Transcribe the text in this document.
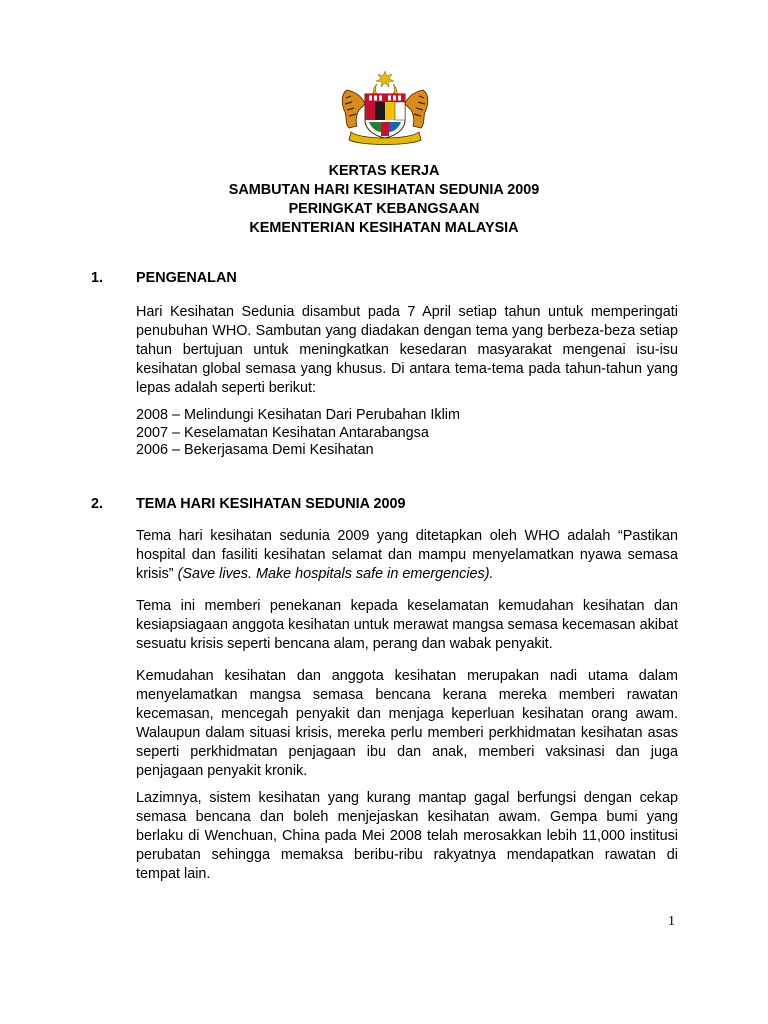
KERTAS KERJA
SAMBUTAN HARI KESIHATAN SEDUNIA 2009
PERINGKAT KEBANGSAAN
KEMENTERIAN KESIHATAN MALAYSIA
1. PENGENALAN
Hari Kesihatan Sedunia disambut pada 7 April setiap tahun untuk memperingati penubuhan WHO. Sambutan yang diadakan dengan tema yang berbeza-beza setiap tahun bertujuan untuk meningkatkan kesedaran masyarakat mengenai isu-isu kesihatan global semasa yang khusus. Di antara tema-tema pada tahun-tahun yang lepas adalah seperti berikut:
2008 – Melindungi Kesihatan Dari Perubahan Iklim
2007 – Keselamatan Kesihatan Antarabangsa
2006 – Bekerjasama Demi Kesihatan
2. TEMA HARI KESIHATAN SEDUNIA 2009
Tema hari kesihatan sedunia 2009 yang ditetapkan oleh WHO adalah “Pastikan hospital dan fasiliti kesihatan selamat dan mampu menyelamatkan nyawa semasa krisis” (Save lives. Make hospitals safe in emergencies).
Tema ini memberi penekanan kepada keselamatan kemudahan kesihatan dan kesiapsiagaan anggota kesihatan untuk merawat mangsa semasa kecemasan akibat sesuatu krisis seperti bencana alam, perang dan wabak penyakit.
Kemudahan kesihatan dan anggota kesihatan merupakan nadi utama dalam menyelamatkan mangsa semasa bencana kerana mereka memberi rawatan kecemasan, mencegah penyakit dan menjaga keperluan kesihatan orang awam. Walaupun dalam situasi krisis, mereka perlu memberi perkhidmatan kesihatan asas seperti perkhidmatan penjagaan ibu dan anak, memberi vaksinasi dan juga penjagaan penyakit kronik.
Lazimnya, sistem kesihatan yang kurang mantap gagal berfungsi dengan cekap semasa bencana dan boleh menjejaskan kesihatan awam. Gempa bumi yang berlaku di Wenchuan, China pada Mei 2008 telah merosakkan lebih 11,000 institusi perubatan sehingga memaksa beribu-ribu rakyatnya mendapatkan rawatan di tempat lain.
1
